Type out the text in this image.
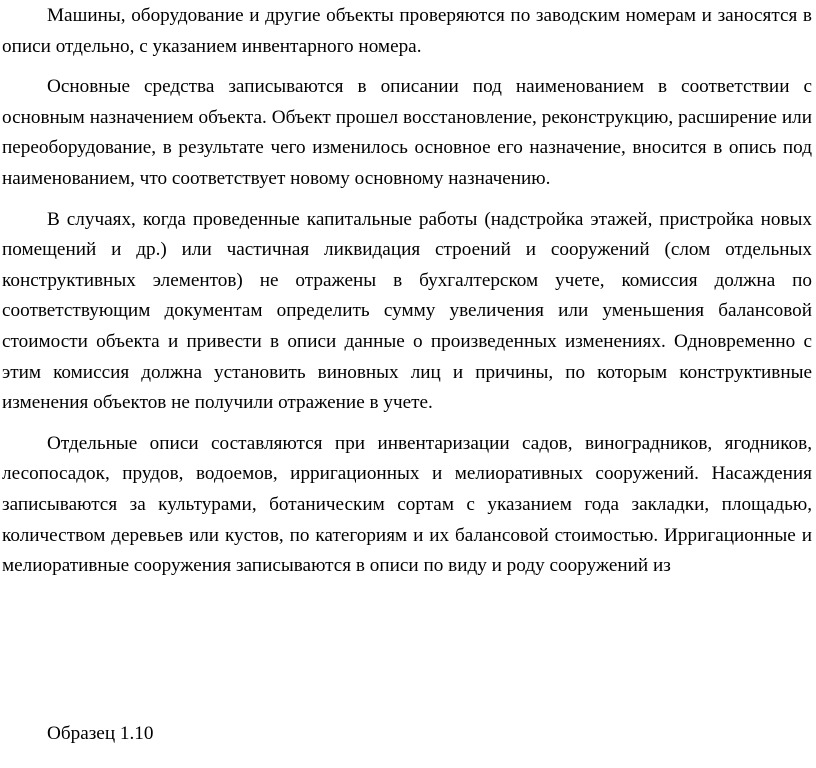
Машины, оборудование и другие объекты проверяются по заводским номерам и заносятся в описи отдельно, с указанием инвентарного номера.

Основные средства записываются в описании под наименованием в соответствии с основным назначением объекта. Объект прошел восстановление, реконструкцию, расширение или переоборудование, в результате чего изменилось основное его назначение, вносится в опись под наименованием, что соответствует новому основному назначению.

В случаях, когда проведенные капитальные работы (надстройка этажей, пристройка новых помещений и др.) или частичная ликвидация строений и сооружений (слом отдельных конструктивных элементов) не отражены в бухгалтерском учете, комиссия должна по соответствующим документам определить сумму увеличения или уменьшения балансовой стоимости объекта и привести в описи данные о произведенных изменениях. Одновременно с этим комиссия должна установить виновных лиц и причины, по которым конструктивные изменения объектов не получили отражение в учете.

Отдельные описи составляются при инвентаризации садов, виноградников, ягодников, лесопосадок, прудов, водоемов, ирригационных и мелиоративных сооружений. Насаждения записываются за культурами, ботаническим сортам с указанием года закладки, площадью, количеством деревьев или кустов, по категориям и их балансовой стоимостью. Ирригационные и мелиоративные сооружения записываются в описи по виду и роду сооружений из

Образец 1.10
